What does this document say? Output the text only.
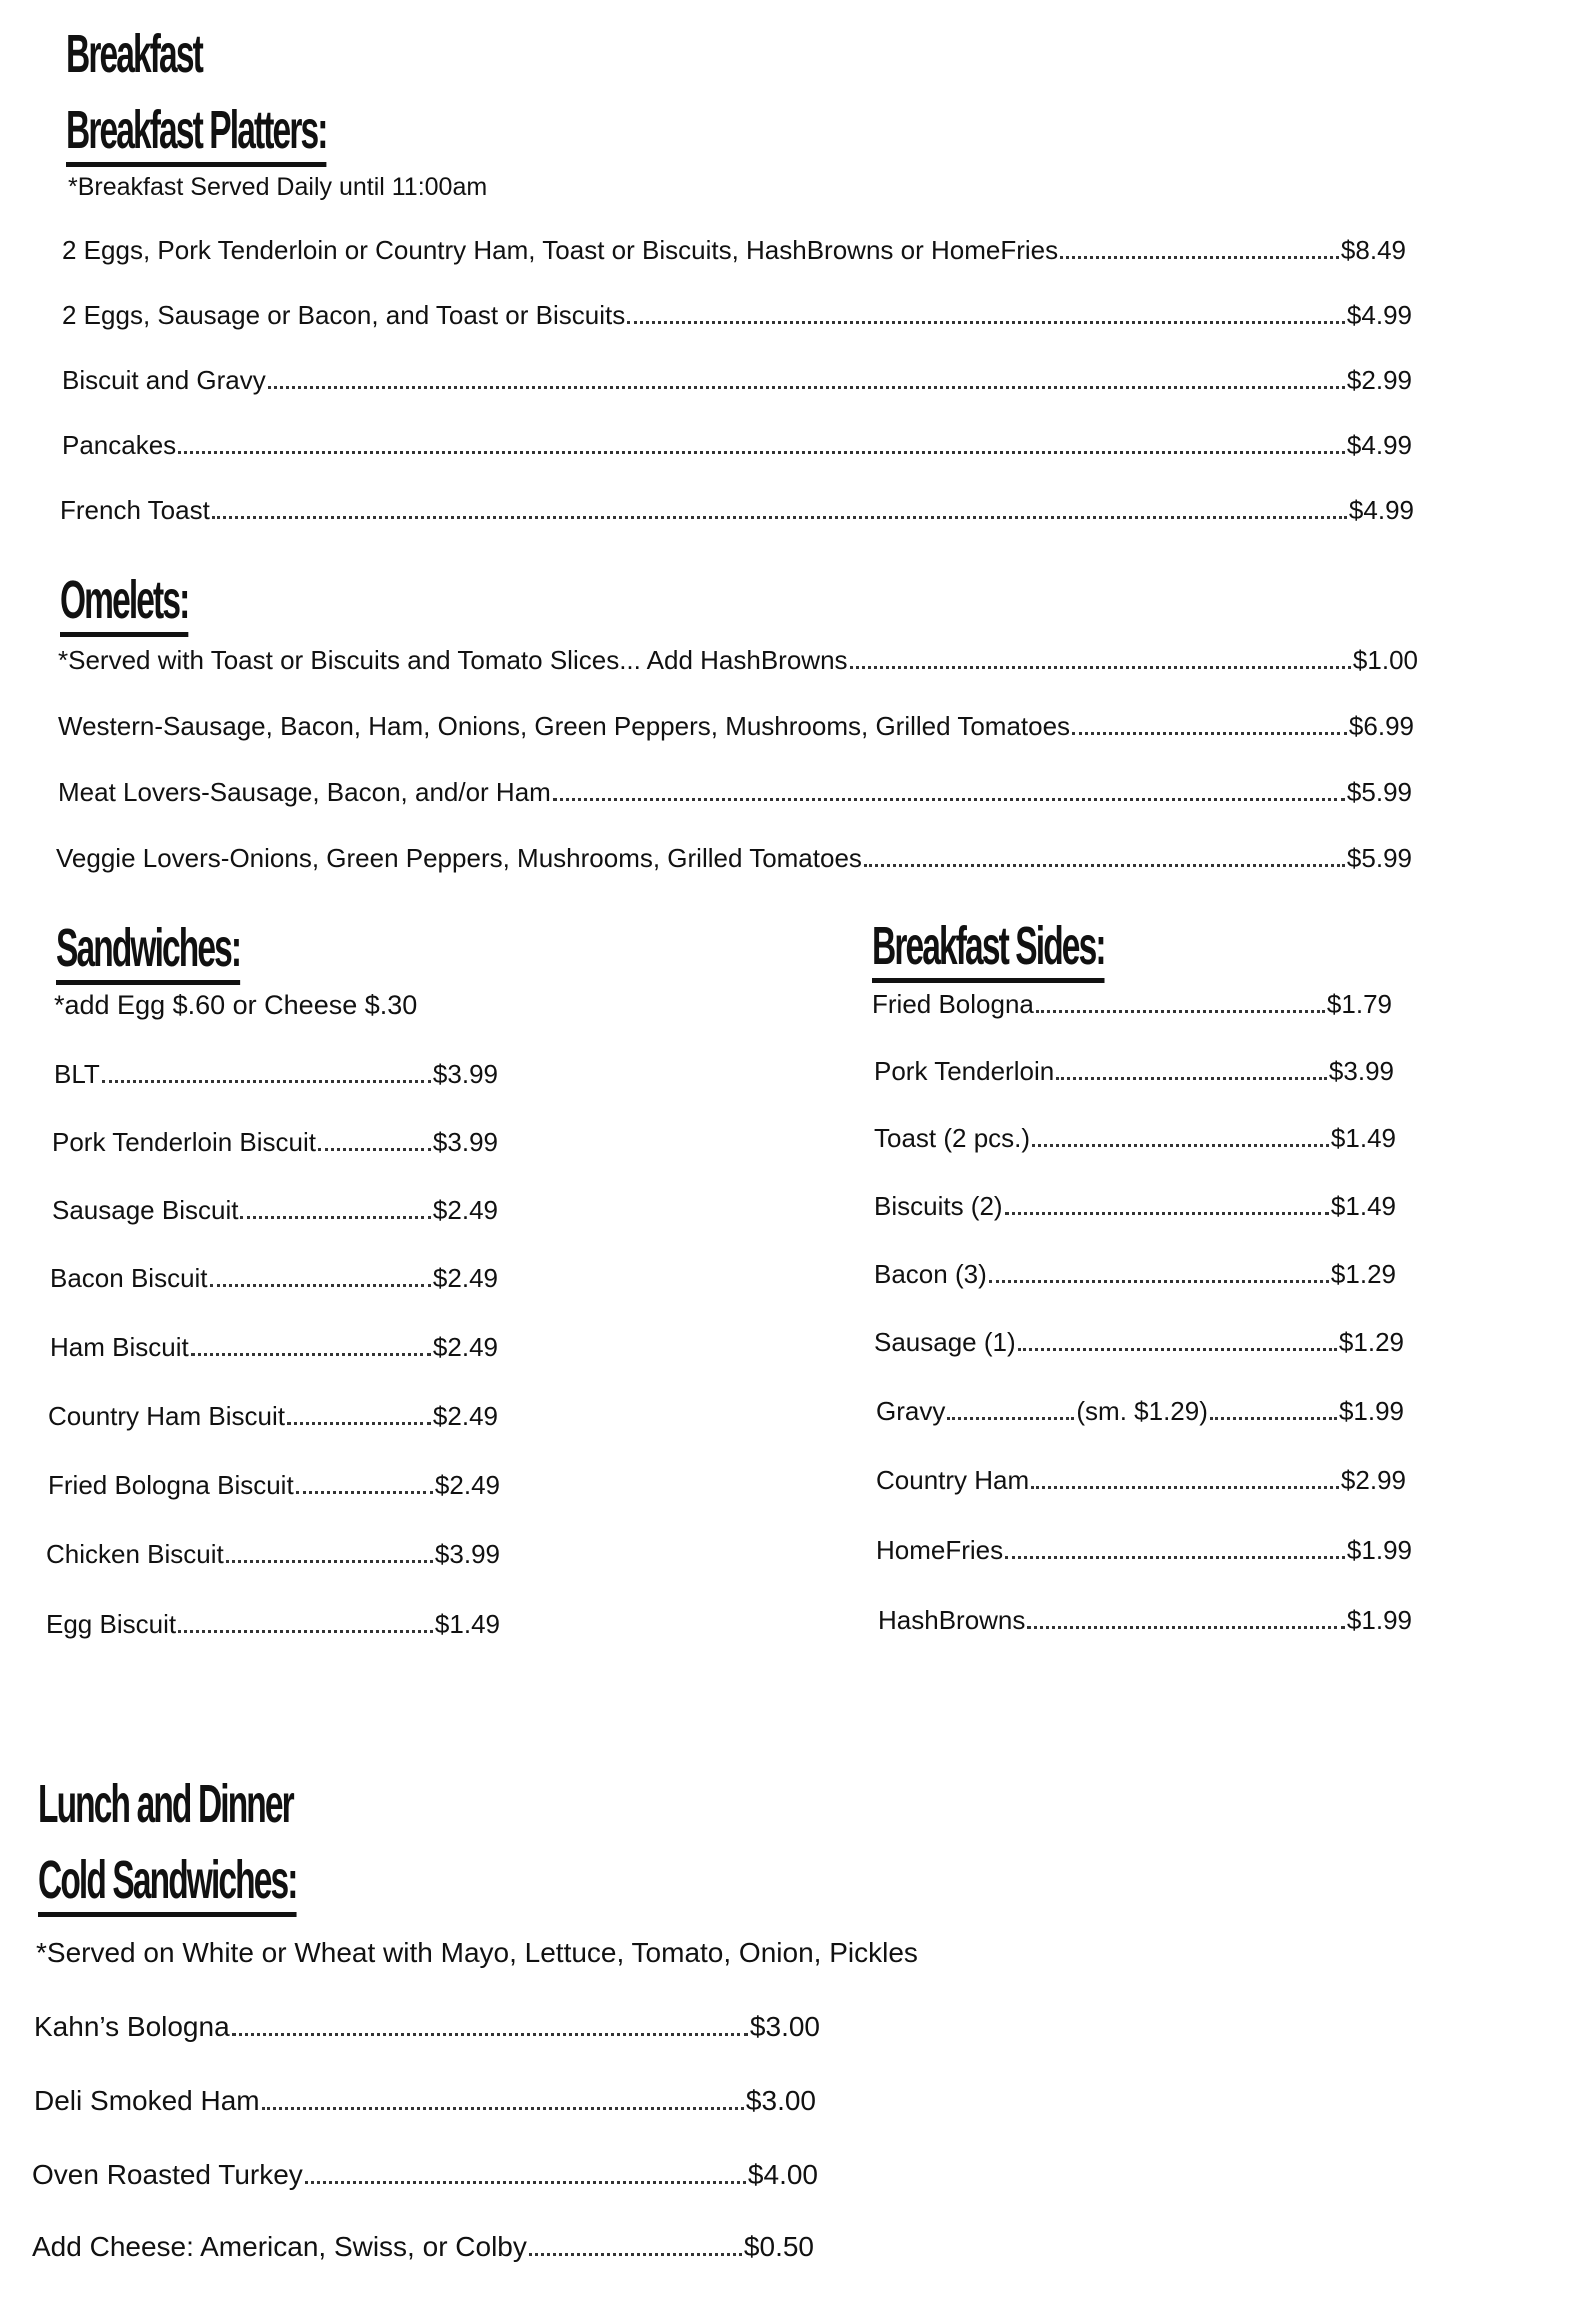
Breakfast
Breakfast Platters:
*Breakfast Served Daily until 11:00am
2 Eggs, Pork Tenderloin or Country Ham, Toast or Biscuits, HashBrowns or HomeFries	$8.49
2 Eggs, Sausage or Bacon, and Toast or Biscuits	$4.99
Biscuit and Gravy	$2.99
Pancakes	$4.99
French Toast	$4.99
Omelets:
*Served with Toast or Biscuits and Tomato Slices... Add HashBrowns	$1.00
Western-Sausage, Bacon, Ham, Onions, Green Peppers, Mushrooms, Grilled Tomatoes	$6.99
Meat Lovers-Sausage, Bacon, and/or Ham	$5.99
Veggie Lovers-Onions, Green Peppers, Mushrooms, Grilled Tomatoes	$5.99
Sandwiches:
*add Egg $.60 or Cheese $.30
BLT	$3.99
Pork Tenderloin Biscuit	$3.99
Sausage Biscuit	$2.49
Bacon Biscuit	$2.49
Ham Biscuit	$2.49
Country Ham Biscuit	$2.49
Fried Bologna Biscuit	$2.49
Chicken Biscuit	$3.99
Egg Biscuit	$1.49
Breakfast Sides:
Fried Bologna	$1.79
Pork Tenderloin	$3.99
Toast (2 pcs.)	$1.49
Biscuits (2)	$1.49
Bacon (3)	$1.29
Sausage (1)	$1.29
Gravy	(sm. $1.29)	$1.99
Country Ham	$2.99
HomeFries	$1.99
HashBrowns	$1.99
Lunch and Dinner
Cold Sandwiches:
*Served on White or Wheat with Mayo, Lettuce, Tomato, Onion, Pickles
Kahn’s Bologna	$3.00
Deli Smoked Ham	$3.00
Oven Roasted Turkey	$4.00
Add Cheese: American, Swiss, or Colby	$0.50
